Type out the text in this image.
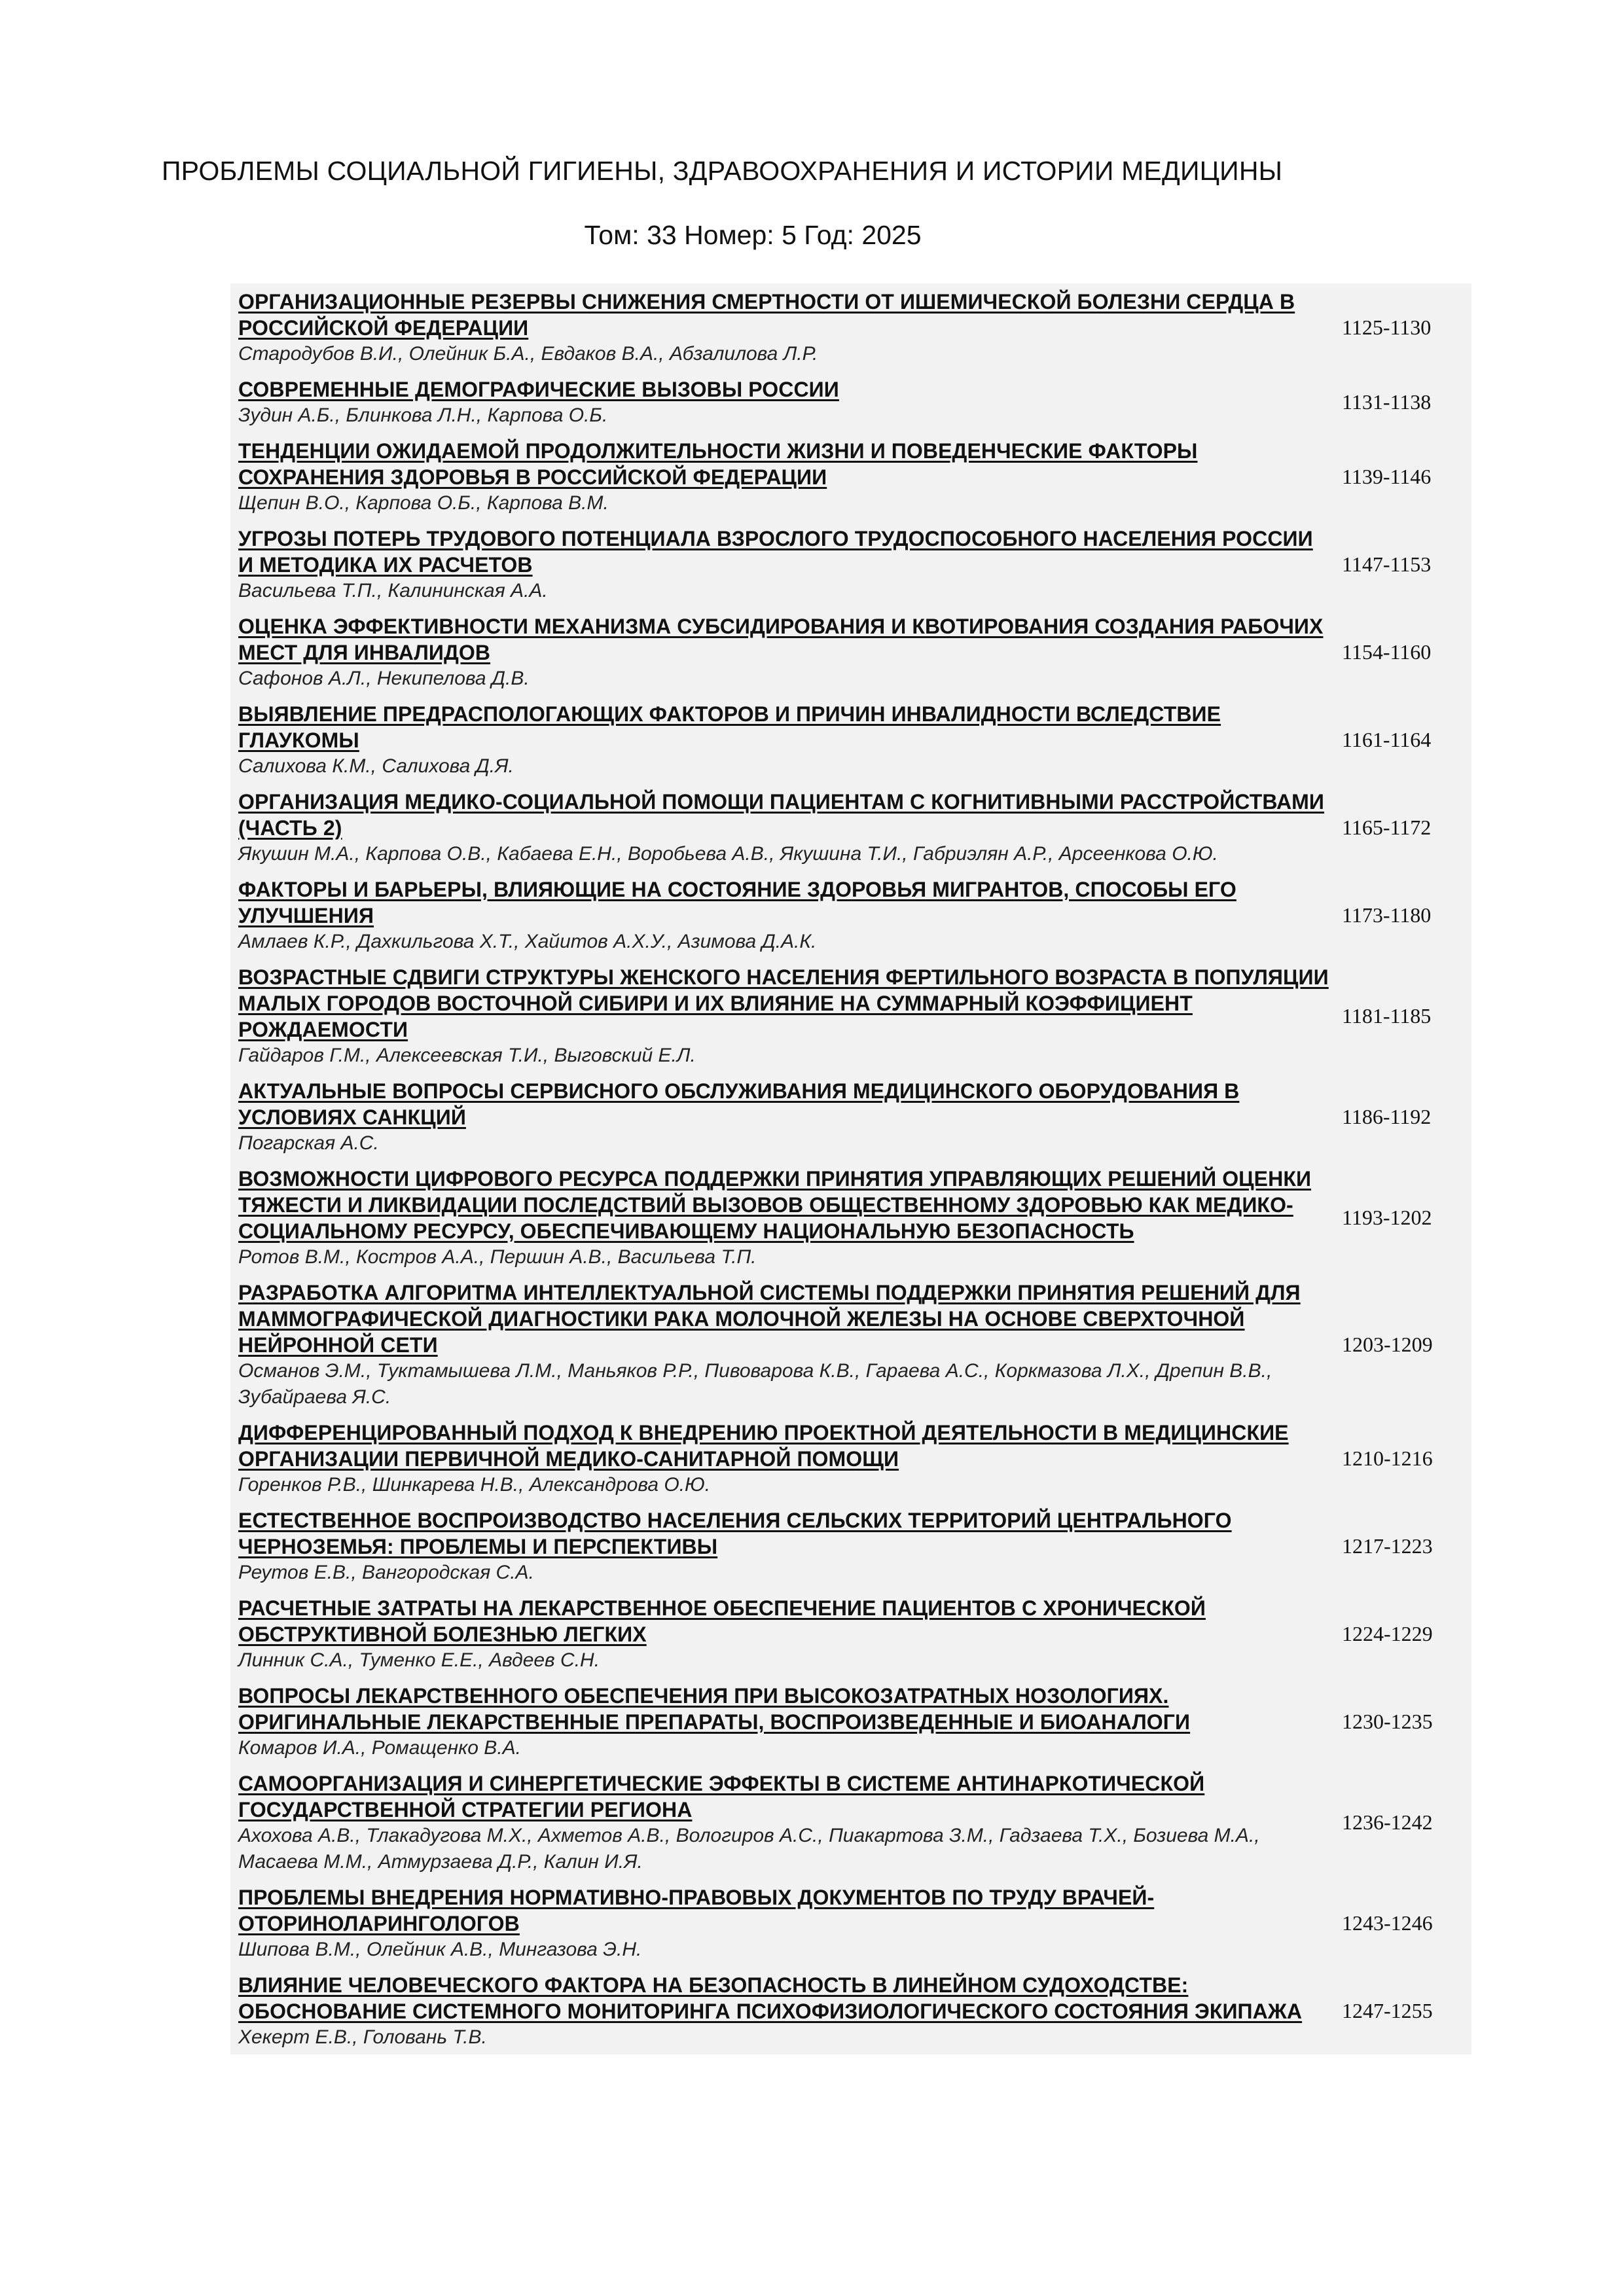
ПРОБЛЕМЫ СОЦИАЛЬНОЙ ГИГИЕНЫ, ЗДРАВООХРАНЕНИЯ И ИСТОРИИ МЕДИЦИНЫ

Том: 33 Номер: 5 Год: 2025

ОРГАНИЗАЦИОННЫЕ РЕЗЕРВЫ СНИЖЕНИЯ СМЕРТНОСТИ ОТ ИШЕМИЧЕСКОЙ БОЛЕЗНИ СЕРДЦА В РОССИЙСКОЙ ФЕДЕРАЦИИ
Стародубов В.И., Олейник Б.А., Евдаков В.А., Абзалилова Л.Р.	1125-1130

СОВРЕМЕННЫЕ ДЕМОГРАФИЧЕСКИЕ ВЫЗОВЫ РОССИИ
Зудин А.Б., Блинкова Л.Н., Карпова О.Б.	1131-1138

ТЕНДЕНЦИИ ОЖИДАЕМОЙ ПРОДОЛЖИТЕЛЬНОСТИ ЖИЗНИ И ПОВЕДЕНЧЕСКИЕ ФАКТОРЫ СОХРАНЕНИЯ ЗДОРОВЬЯ В РОССИЙСКОЙ ФЕДЕРАЦИИ
Щепин В.О., Карпова О.Б., Карпова В.М.	1139-1146

УГРОЗЫ ПОТЕРЬ ТРУДОВОГО ПОТЕНЦИАЛА ВЗРОСЛОГО ТРУДОСПОСОБНОГО НАСЕЛЕНИЯ РОССИИ И МЕТОДИКА ИХ РАСЧЕТОВ
Васильева Т.П., Калининская А.А.	1147-1153

ОЦЕНКА ЭФФЕКТИВНОСТИ МЕХАНИЗМА СУБСИДИРОВАНИЯ И КВОТИРОВАНИЯ СОЗДАНИЯ РАБОЧИХ МЕСТ ДЛЯ ИНВАЛИДОВ
Сафонов А.Л., Некипелова Д.В.	1154-1160

ВЫЯВЛЕНИЕ ПРЕДРАСПОЛОГАЮЩИХ ФАКТОРОВ И ПРИЧИН ИНВАЛИДНОСТИ ВСЛЕДСТВИЕ ГЛАУКОМЫ
Салихова К.М., Салихова Д.Я.	1161-1164

ОРГАНИЗАЦИЯ МЕДИКО-СОЦИАЛЬНОЙ ПОМОЩИ ПАЦИЕНТАМ С КОГНИТИВНЫМИ РАССТРОЙСТВАМИ (ЧАСТЬ 2)
Якушин М.А., Карпова О.В., Кабаева Е.Н., Воробьева А.В., Якушина Т.И., Габриэлян А.Р., Арсеенкова О.Ю.	1165-1172

ФАКТОРЫ И БАРЬЕРЫ, ВЛИЯЮЩИЕ НА СОСТОЯНИЕ ЗДОРОВЬЯ МИГРАНТОВ, СПОСОБЫ ЕГО УЛУЧШЕНИЯ
Амлаев К.Р., Дахкильгова Х.Т., Хайитов А.Х.У., Азимова Д.А.К.	1173-1180

ВОЗРАСТНЫЕ СДВИГИ СТРУКТУРЫ ЖЕНСКОГО НАСЕЛЕНИЯ ФЕРТИЛЬНОГО ВОЗРАСТА В ПОПУЛЯЦИИ МАЛЫХ ГОРОДОВ ВОСТОЧНОЙ СИБИРИ И ИХ ВЛИЯНИЕ НА СУММАРНЫЙ КОЭФФИЦИЕНТ РОЖДАЕМОСТИ
Гайдаров Г.М., Алексеевская Т.И., Выговский Е.Л.	1181-1185

АКТУАЛЬНЫЕ ВОПРОСЫ СЕРВИСНОГО ОБСЛУЖИВАНИЯ МЕДИЦИНСКОГО ОБОРУДОВАНИЯ В УСЛОВИЯХ САНКЦИЙ
Погарская А.С.	1186-1192

ВОЗМОЖНОСТИ ЦИФРОВОГО РЕСУРСА ПОДДЕРЖКИ ПРИНЯТИЯ УПРАВЛЯЮЩИХ РЕШЕНИЙ ОЦЕНКИ ТЯЖЕСТИ И ЛИКВИДАЦИИ ПОСЛЕДСТВИЙ ВЫЗОВОВ ОБЩЕСТВЕННОМУ ЗДОРОВЬЮ КАК МЕДИКО-СОЦИАЛЬНОМУ РЕСУРСУ, ОБЕСПЕЧИВАЮЩЕМУ НАЦИОНАЛЬНУЮ БЕЗОПАСНОСТЬ
Ротов В.М., Костров А.А., Першин А.В., Васильева Т.П.	1193-1202

РАЗРАБОТКА АЛГОРИТМА ИНТЕЛЛЕКТУАЛЬНОЙ СИСТЕМЫ ПОДДЕРЖКИ ПРИНЯТИЯ РЕШЕНИЙ ДЛЯ МАММОГРАФИЧЕСКОЙ ДИАГНОСТИКИ РАКА МОЛОЧНОЙ ЖЕЛЕЗЫ НА ОСНОВЕ СВЕРХТОЧНОЙ НЕЙРОННОЙ СЕТИ
Османов Э.М., Туктамышева Л.М., Маньяков Р.Р., Пивоварова К.В., Гараева А.С., Коркмазова Л.Х., Дрепин В.В., Зубайраева Я.С.	1203-1209

ДИФФЕРЕНЦИРОВАННЫЙ ПОДХОД К ВНЕДРЕНИЮ ПРОЕКТНОЙ ДЕЯТЕЛЬНОСТИ В МЕДИЦИНСКИЕ ОРГАНИЗАЦИИ ПЕРВИЧНОЙ МЕДИКО-САНИТАРНОЙ ПОМОЩИ
Горенков Р.В., Шинкарева Н.В., Александрова О.Ю.	1210-1216

ЕСТЕСТВЕННОЕ ВОСПРОИЗВОДСТВО НАСЕЛЕНИЯ СЕЛЬСКИХ ТЕРРИТОРИЙ ЦЕНТРАЛЬНОГО ЧЕРНОЗЕМЬЯ: ПРОБЛЕМЫ И ПЕРСПЕКТИВЫ
Реутов Е.В., Вангородская С.А.	1217-1223

РАСЧЕТНЫЕ ЗАТРАТЫ НА ЛЕКАРСТВЕННОЕ ОБЕСПЕЧЕНИЕ ПАЦИЕНТОВ С ХРОНИЧЕСКОЙ ОБСТРУКТИВНОЙ БОЛЕЗНЬЮ ЛЕГКИХ
Линник С.А., Туменко Е.Е., Авдеев С.Н.	1224-1229

ВОПРОСЫ ЛЕКАРСТВЕННОГО ОБЕСПЕЧЕНИЯ ПРИ ВЫСОКОЗАТРАТНЫХ НОЗОЛОГИЯХ. ОРИГИНАЛЬНЫЕ ЛЕКАРСТВЕННЫЕ ПРЕПАРАТЫ, ВОСПРОИЗВЕДЕННЫЕ И БИОАНАЛОГИ
Комаров И.А., Ромащенко В.А.	1230-1235

САМООРГАНИЗАЦИЯ И СИНЕРГЕТИЧЕСКИЕ ЭФФЕКТЫ В СИСТЕМЕ АНТИНАРКОТИЧЕСКОЙ ГОСУДАРСТВЕННОЙ СТРАТЕГИИ РЕГИОНА
Ахохова А.В., Тлакадугова М.Х., Ахметов А.В., Вологиров А.С., Пиакартова З.М., Гадзаева Т.Х., Бозиева М.А., Масаева М.М., Атмурзаева Д.Р., Калин И.Я.	1236-1242

ПРОБЛЕМЫ ВНЕДРЕНИЯ НОРМАТИВНО-ПРАВОВЫХ ДОКУМЕНТОВ ПО ТРУДУ ВРАЧЕЙ-ОТОРИНОЛАРИНГОЛОГОВ
Шипова В.М., Олейник А.В., Мингазова Э.Н.	1243-1246

ВЛИЯНИЕ ЧЕЛОВЕЧЕСКОГО ФАКТОРА НА БЕЗОПАСНОСТЬ В ЛИНЕЙНОМ СУДОХОДСТВЕ: ОБОСНОВАНИЕ СИСТЕМНОГО МОНИТОРИНГА ПСИХОФИЗИОЛОГИЧЕСКОГО СОСТОЯНИЯ ЭКИПАЖА
Хекерт Е.В., Головань Т.В.	1247-1255
